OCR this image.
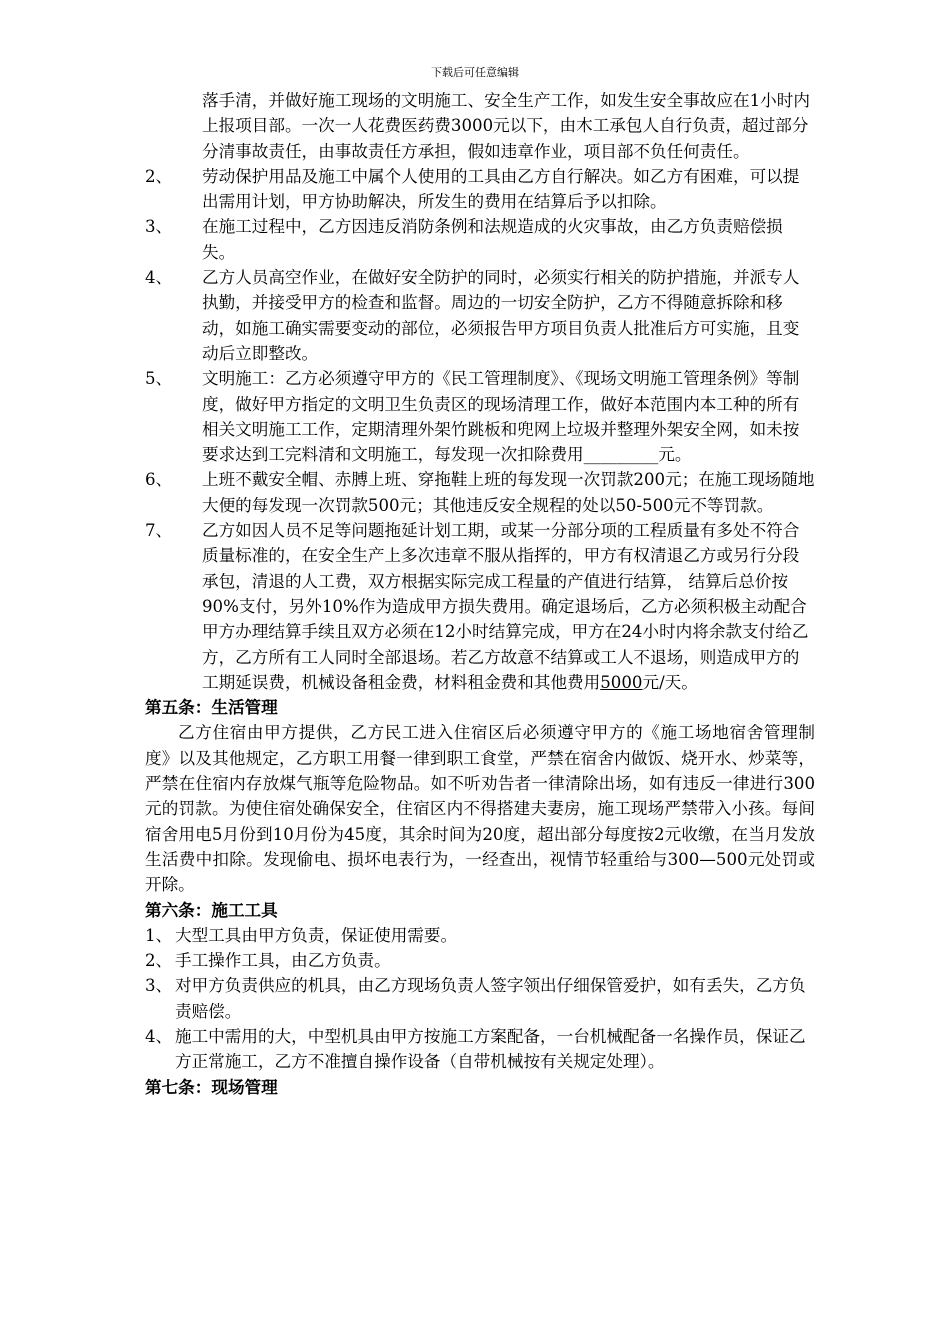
下载后可任意编辑
落手清，并做好施工现场的文明施工、安全生产工作，如发生安全事故应在1小时内上报项目部。一次一人花费医药费3000元以下，由木工承包人自行负责，超过部分分清事故责任，由事故责任方承担，假如违章作业，项目部不负任何责任。
2、	劳动保护用品及施工中属个人使用的工具由乙方自行解决。如乙方有困难，可以提出需用计划，甲方协助解决，所发生的费用在结算后予以扣除。
3、	在施工过程中，乙方因违反消防条例和法规造成的火灾事故，由乙方负责赔偿损失。
4、	乙方人员高空作业，在做好安全防护的同时，必须实行相关的防护措施，并派专人执勤，并接受甲方的检查和监督。周边的一切安全防护，乙方不得随意拆除和移动，如施工确实需要变动的部位，必须报告甲方项目负责人批准后方可实施，且变动后立即整改。
5、	文明施工：乙方必须遵守甲方的《民工管理制度》、《现场文明施工管理条例》等制度，做好甲方指定的文明卫生负责区的现场清理工作，做好本范围内本工种的所有相关文明施工工作，定期清理外架竹跳板和兜网上垃圾并整理外架安全网，如未按要求达到工完料清和文明施工，每发现一次扣除费用_________元。
6、	上班不戴安全帽、赤膊上班、穿拖鞋上班的每发现一次罚款200元；在施工现场随地大便的每发现一次罚款500元；其他违反安全规程的处以50-500元不等罚款。
7、	乙方如因人员不足等问题拖延计划工期，或某一分部分项的工程质量有多处不符合质量标准的，在安全生产上多次违章不服从指挥的，甲方有权清退乙方或另行分段承包，清退的人工费，双方根据实际完成工程量的产值进行结算， 结算后总价按90%支付，另外10%作为造成甲方损失费用。确定退场后，乙方必须积极主动配合甲方办理结算手续且双方必须在12小时结算完成，甲方在24小时内将余款支付给乙方，乙方所有工人同时全部退场。若乙方故意不结算或工人不退场，则造成甲方的工期延误费，机械设备租金费，材料租金费和其他费用5000元/天。
第五条：生活管理
乙方住宿由甲方提供，乙方民工进入住宿区后必须遵守甲方的《施工场地宿舍管理制度》以及其他规定，乙方职工用餐一律到职工食堂，严禁在宿舍内做饭、烧开水、炒菜等，严禁在住宿内存放煤气瓶等危险物品。如不听劝告者一律清除出场，如有违反一律进行300元的罚款。为使住宿处确保安全，住宿区内不得搭建夫妻房，施工现场严禁带入小孩。每间宿舍用电5月份到10月份为45度，其余时间为20度，超出部分每度按2元收缴，在当月发放生活费中扣除。发现偷电、损坏电表行为，一经查出，视情节轻重给与300—500元处罚或开除。
第六条：施工工具
1、 大型工具由甲方负责，保证使用需要。
2、 手工操作工具，由乙方负责。
3、 对甲方负责供应的机具，由乙方现场负责人签字领出仔细保管爱护，如有丢失，乙方负责赔偿。
4、 施工中需用的大，中型机具由甲方按施工方案配备，一台机械配备一名操作员，保证乙方正常施工，乙方不准擅自操作设备（自带机械按有关规定处理）。
第七条：现场管理
